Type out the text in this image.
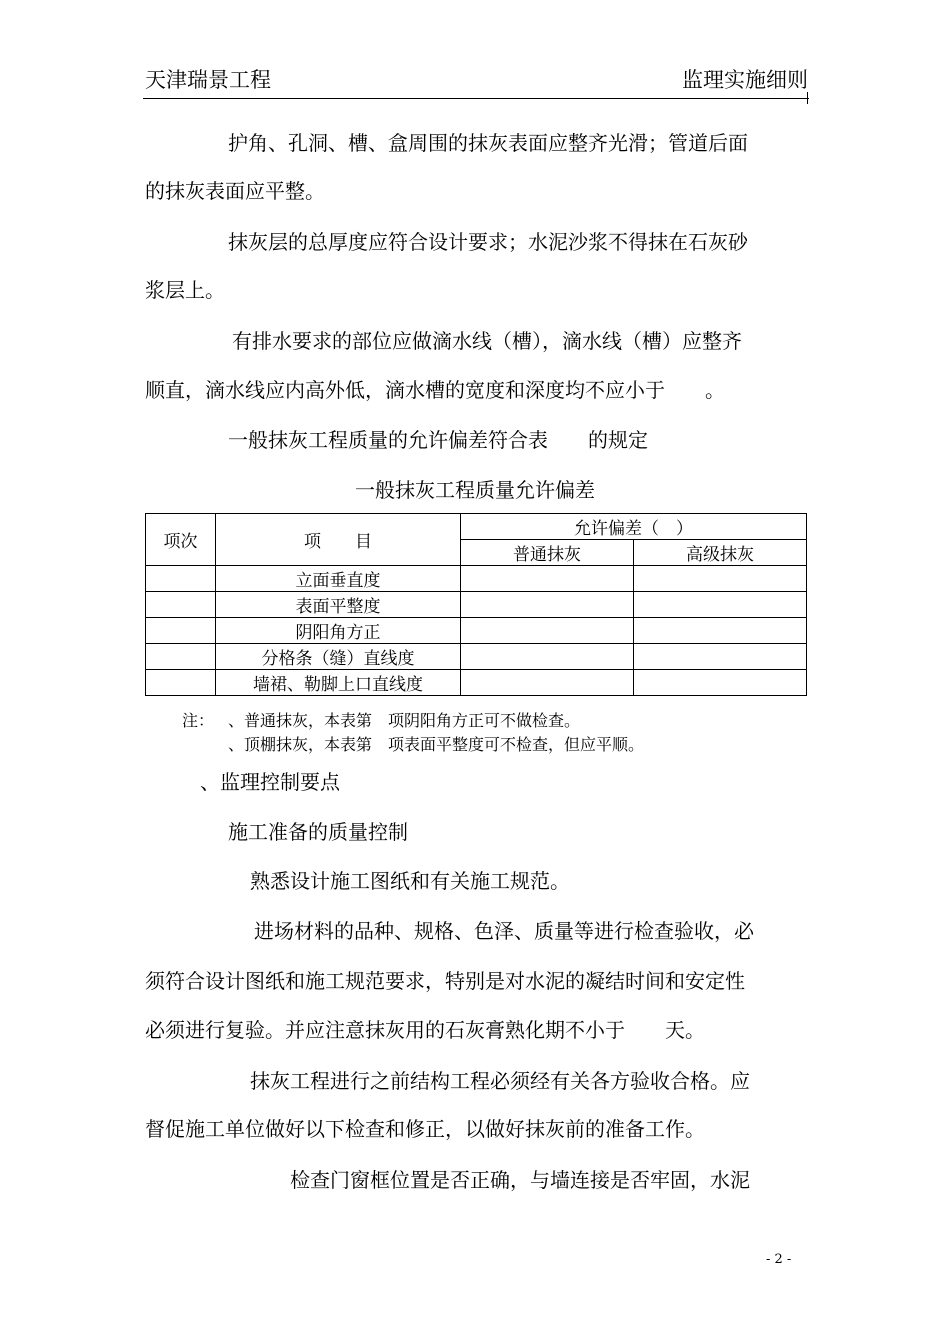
天津瑞景工程	监理实施细则
护角、孔洞、槽、盒周围的抹灰表面应整齐光滑；管道后面
的抹灰表面应平整。
抹灰层的总厚度应符合设计要求；水泥沙浆不得抹在石灰砂
浆层上。
有排水要求的部位应做滴水线（槽），滴水线（槽）应整齐
顺直，滴水线应内高外低，滴水槽的宽度和深度均不应小于　　。
一般抹灰工程质量的允许偏差符合表　　的规定
一般抹灰工程质量允许偏差
项次	项　　目	允许偏差（　）	
		普通抹灰	高级抹灰
	立面垂直度		
	表面平整度		
	阴阳角方正		
	分格条（缝）直线度		
	墙裙、勒脚上口直线度		
注： 、普通抹灰，本表第　项阴阳角方正可不做检查。
、顶棚抹灰，本表第　项表面平整度可不检查，但应平顺。
、监理控制要点
施工准备的质量控制
熟悉设计施工图纸和有关施工规范。
进场材料的品种、规格、色泽、质量等进行检查验收，必
须符合设计图纸和施工规范要求，特别是对水泥的凝结时间和安定性
必须进行复验。并应注意抹灰用的石灰膏熟化期不小于　　天。
抹灰工程进行之前结构工程必须经有关各方验收合格。应
督促施工单位做好以下检查和修正，以做好抹灰前的准备工作。
检查门窗框位置是否正确，与墙连接是否牢固，水泥
- 2 -
